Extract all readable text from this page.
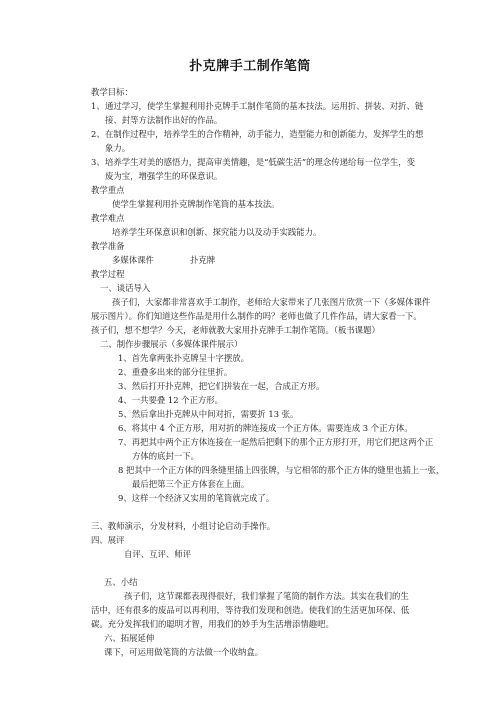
扑克牌手工制作笔筒
教学目标：
1、 通过学习，使学生掌握利用扑克牌手工制作笔筒的基本技法。运用折、拼装、对折、链
接、封等方法制作出好的作品。
2、 在制作过程中，培养学生的合作精神，动手能力，造型能力和创新能力，发挥学生的想
象力。
3、 培养学生对美的感悟力，提高审美情趣，是“低碳生活”的理念传递给每一位学生，变
废为宝，增强学生的环保意识。
教学重点
使学生掌握利用扑克牌制作笔筒的基本技法。
教学难点
培养学生环保意识和创新、探究能力以及动手实践能力。
教学准备
多媒体课件	扑克牌
教学过程
一、谈话导入
孩子们，大家都非常喜欢手工制作，老师给大家带来了几张图片欣赏一下（多媒体课件
展示图片）。你们知道这些作品是用什么制作的吗？老师也做了几件作品，请大家看一下。
孩子们，想不想学？今天，老师就教大家用扑克牌手工制作笔筒。（板书课题）
二、制作步骤展示（多媒体课件展示）
1、首先拿两张扑克牌呈十字摆放。
2、重叠多出来的部分往里折。
3、然后打开扑克牌，把它们拼装在一起，合成正方形。
4、一共要叠 12 个正方形。
5、然后拿出扑克牌从中间对折，需要折 13 张。
6、将其中 4 个正方形，用对折的牌连接成一个正方体。需要连成 3 个正方体。
7、再把其中两个正方体连接在一起然后把剩下的那个正方形打开，用它们把这两个正
方体的底封一下。
8 把其中一个正方体的四条缝里插上四张牌，与它相邻的那个正方体的缝里也插上一张，
最后把第三个正方体套在上面。
9、这样一个经济又实用的笔筒就完成了。
三、教师演示，分发材料，小组讨论启动手操作。
四、展评
自评、互评、师评
五、小结
孩子们，这节课都表现得很好，我们掌握了笔筒的制作方法。其实在我们的生
活中，还有很多的废品可以再利用，等待我们发现和创造。使我们的生活更加环保、低
碳。充分发挥我们的聪明才智，用我们的妙手为生活增添情趣吧。
六、拓展延伸
课下，可运用做笔筒的方法做一个收纳盒。
